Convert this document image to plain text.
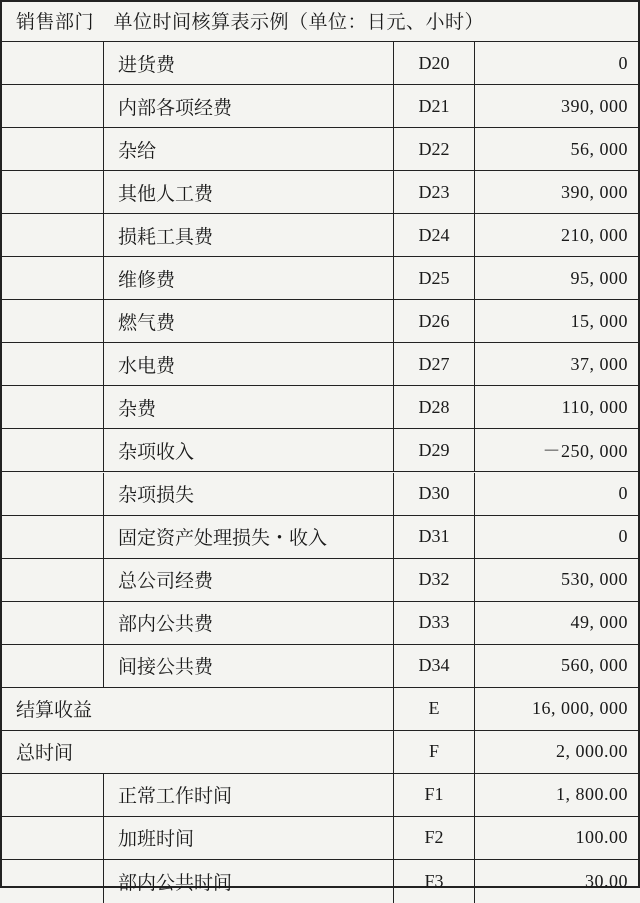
销售部门　单位时间核算表示例（单位：日元、小时）
进货费	D20	0
内部各项经费	D21	390, 000
杂给	D22	56, 000
其他人工费	D23	390, 000
损耗工具费	D24	210, 000
维修费	D25	95, 000
燃气费	D26	15, 000
水电费	D27	37, 000
杂费	D28	110, 000
杂项收入	D29	－250, 000
杂项损失	D30	0
固定资产处理损失・收入	D31	0
总公司经费	D32	530, 000
部内公共费	D33	49, 000
间接公共费	D34	560, 000
结算收益	E	16, 000, 000
总时间	F	2, 000.00
正常工作时间	F1	1, 800.00
加班时间	F2	100.00
部内公共时间	F3	30.00
